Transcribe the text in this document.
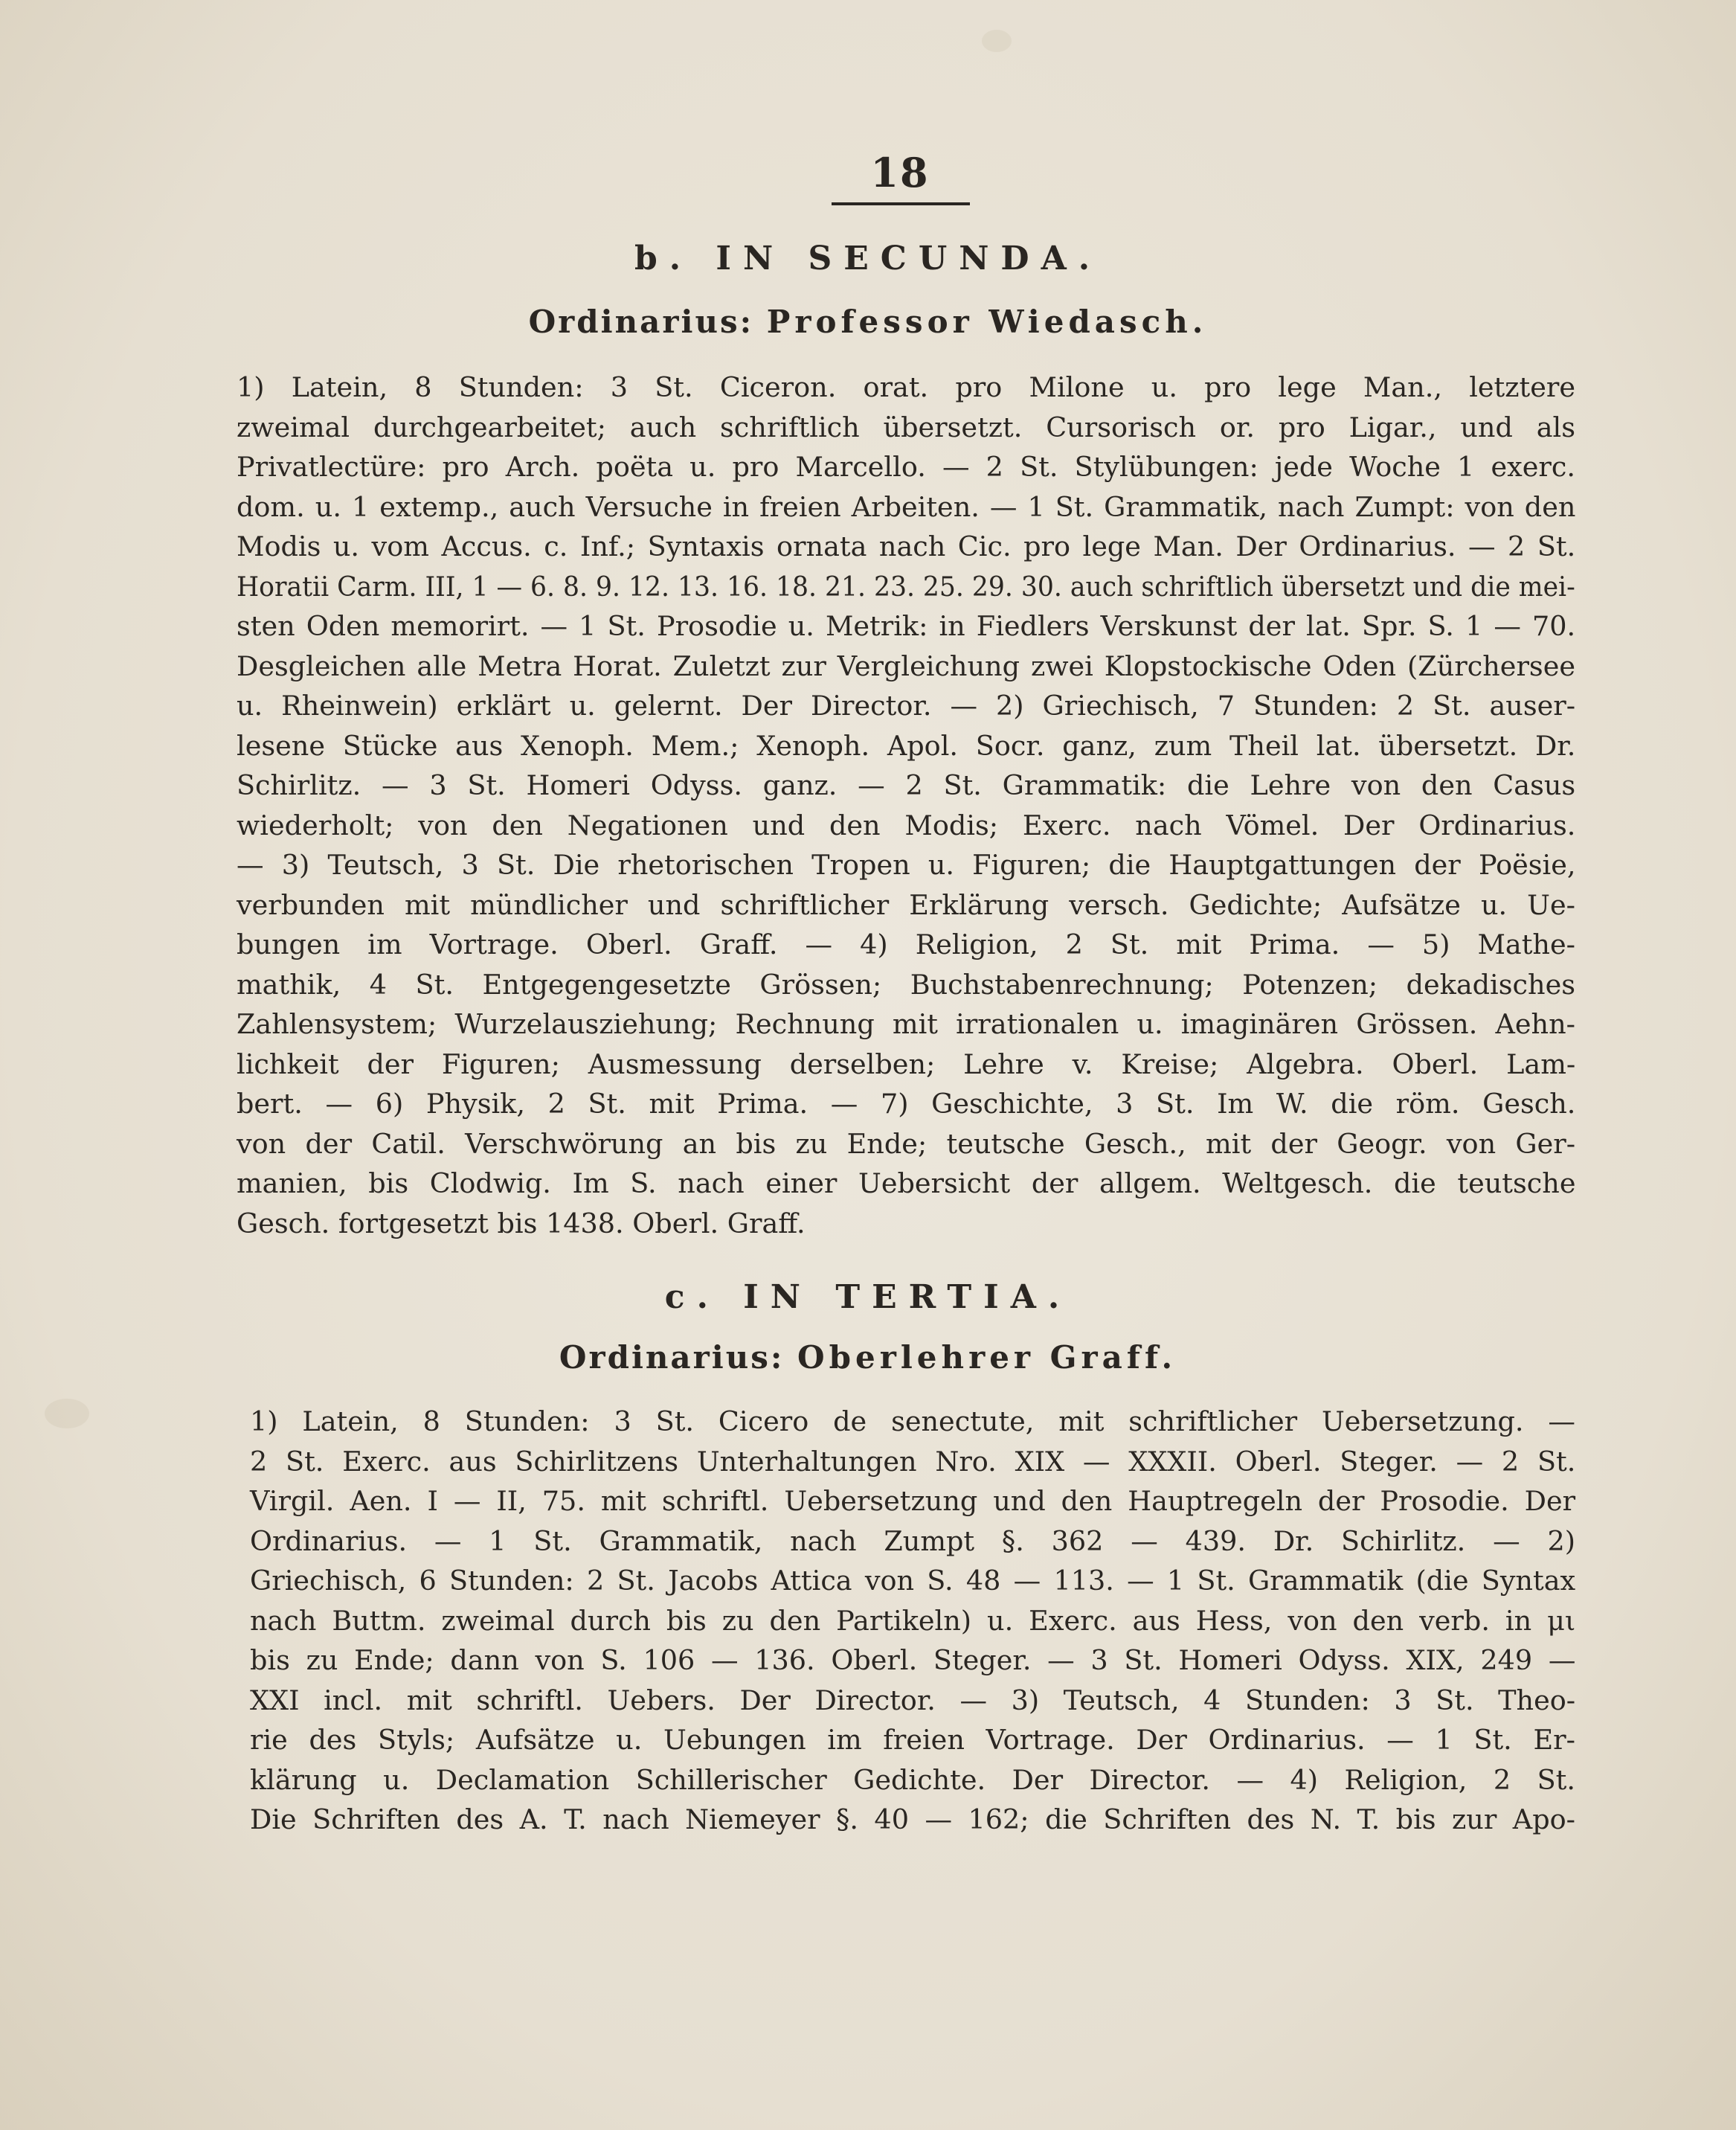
18
b. IN SECUNDA.
Ordinarius: Professor Wiedasch.
1) Latein, 8 Stunden: 3 St. Ciceron. orat. pro Milone u. pro lege Man., letztere
zweimal durchgearbeitet; auch schriftlich übersetzt. Cursorisch or. pro Ligar., und als
Privatlectüre: pro Arch. poëta u. pro Marcello. — 2 St. Stylübungen: jede Woche 1 exerc.
dom. u. 1 extemp., auch Versuche in freien Arbeiten. — 1 St. Grammatik, nach Zumpt: von den
Modis u. vom Accus. c. Inf.; Syntaxis ornata nach Cic. pro lege Man. Der Ordinarius. — 2 St.
Horatii Carm. III, 1 — 6. 8. 9. 12. 13. 16. 18. 21. 23. 25. 29. 30. auch schriftlich übersetzt und die mei-
sten Oden memorirt. — 1 St. Prosodie u. Metrik: in Fiedlers Verskunst der lat. Spr. S. 1 — 70.
Desgleichen alle Metra Horat. Zuletzt zur Vergleichung zwei Klopstockische Oden (Zürchersee
u. Rheinwein) erklärt u. gelernt. Der Director. — 2) Griechisch, 7 Stunden: 2 St. auser-
lesene Stücke aus Xenoph. Mem.; Xenoph. Apol. Socr. ganz, zum Theil lat. übersetzt. Dr.
Schirlitz. — 3 St. Homeri Odyss. ganz. — 2 St. Grammatik: die Lehre von den Casus
wiederholt; von den Negationen und den Modis; Exerc. nach Vömel. Der Ordinarius.
— 3) Teutsch, 3 St. Die rhetorischen Tropen u. Figuren; die Hauptgattungen der Poësie,
verbunden mit mündlicher und schriftlicher Erklärung versch. Gedichte; Aufsätze u. Ue-
bungen im Vortrage. Oberl. Graff. — 4) Religion, 2 St. mit Prima. — 5) Mathe-
mathik, 4 St. Entgegengesetzte Grössen; Buchstabenrechnung; Potenzen; dekadisches
Zahlensystem; Wurzelausziehung; Rechnung mit irrationalen u. imaginären Grössen. Aehn-
lichkeit der Figuren; Ausmessung derselben; Lehre v. Kreise; Algebra. Oberl. Lam-
bert. — 6) Physik, 2 St. mit Prima. — 7) Geschichte, 3 St. Im W. die röm. Gesch.
von der Catil. Verschwörung an bis zu Ende; teutsche Gesch., mit der Geogr. von Ger-
manien, bis Clodwig. Im S. nach einer Uebersicht der allgem. Weltgesch. die teutsche
Gesch. fortgesetzt bis 1438. Oberl. Graff.
c. IN TERTIA.
Ordinarius: Oberlehrer Graff.
1) Latein, 8 Stunden: 3 St. Cicero de senectute, mit schriftlicher Uebersetzung. —
2 St. Exerc. aus Schirlitzens Unterhaltungen Nro. XIX — XXXII. Oberl. Steger. — 2 St.
Virgil. Aen. I — II, 75. mit schriftl. Uebersetzung und den Hauptregeln der Prosodie. Der
Ordinarius. — 1 St. Grammatik, nach Zumpt §. 362 — 439. Dr. Schirlitz. — 2)
Griechisch, 6 Stunden: 2 St. Jacobs Attica von S. 48 — 113. — 1 St. Grammatik (die Syntax
nach Buttm. zweimal durch bis zu den Partikeln) u. Exerc. aus Hess, von den verb. in μι
bis zu Ende; dann von S. 106 — 136. Oberl. Steger. — 3 St. Homeri Odyss. XIX, 249 —
XXI incl. mit schriftl. Uebers. Der Director. — 3) Teutsch, 4 Stunden: 3 St. Theo-
rie des Styls; Aufsätze u. Uebungen im freien Vortrage. Der Ordinarius. — 1 St. Er-
klärung u. Declamation Schillerischer Gedichte. Der Director. — 4) Religion, 2 St.
Die Schriften des A. T. nach Niemeyer §. 40 — 162; die Schriften des N. T. bis zur Apo-
